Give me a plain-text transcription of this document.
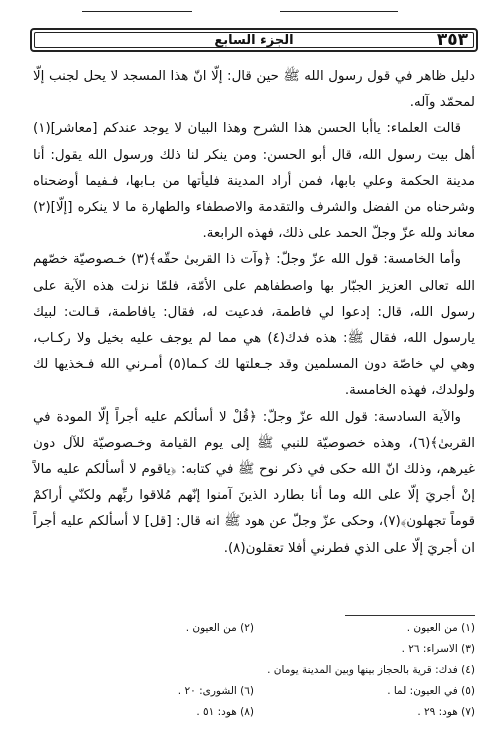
الجزء السابع	٣٥٣

دليل ظاهر في قول رسول الله ﷺ حين قال: إلّا انّ هذا المسجد لا يحل لجنب إلّا لمحمّد وآله.

قالت العلماء: ياأبا الحسن هذا الشرح وهذا البيان لا يوجد عندكم [معاشر](١) أهل بيت رسول الله، قال أبو الحسن: ومن ينكر لنا ذلك ورسول الله يقول: أنا مدينة الحكمة وعلي بابها، فمن أراد المدينة فليأتها من بـابها، فـفيما أوضحناه وشرحناه من الفضل والشرف والتقدمة والاصطفاء والطهارة ما لا ينكره [إلّا](٢) معاند ولله عزّ وجلّ الحمد على ذلك، فهذه الرابعة.

وأما الخامسة: قول الله عزّ وجلّ: ﴿وآت ذا القربىٰ حقّه﴾(٣) خـصوصيّة خصّهم الله تعالى العزيز الجبّار بها واصطفاهم على الأمّة، فلمّا نزلت هذه الآية على رسول الله، قال: إدعوا لي فاطمة، فدعيت له، فقال: يافاطمة، قـالت: لبيك يارسول الله، فقال ﷺ: هذه فدك(٤) هي مما لم يوجف عليه بخيل ولا ركـاب، وهي لي خاصّة دون المسلمين وقد جـعلتها لك كـما(٥) أمـرني الله فـخذيها لك ولولدك، فهذه الخامسة.

والآية السادسة: قول الله عزّ وجلّ: ﴿قُلْ لا أسألكم عليه أجراً إلّا المودة في القربىٰ﴾(٦)، وهذه خصوصيّة للنبي ﷺ إلى يوم القيامة وخـصوصيّة للآل دون غيرهم، وذلك انّ الله حكى في ذكر نوح ﷺ في كتابه: ﴿ياقوم لا أسألكم عليه مالاً إنْ أجريَ إلّا على الله وما أنا بطارد الذينَ آمنوا إنّهم مُلاقوا ربِّهم ولكنّي أراكمْ قوماً تجهلون﴾(٧)، وحكى عزّ وجلّ عن هود ﷺ انه قال: [قل] لا أسألكم عليه أجراً ان أجريَ إلّا على الذي فطرني أفلا تعقلون(٨).

(١) من العيون .
(٢) من العيون .
(٣) الاسراء: ٢٦ .
(٤) فدك: قرية بالحجاز بينها وبين المدينة يومان .
(٥) في العيون: لما .
(٦) الشورى: ٢٠ .
(٧) هود: ٢٩ .
(٨) هود: ٥١ .
